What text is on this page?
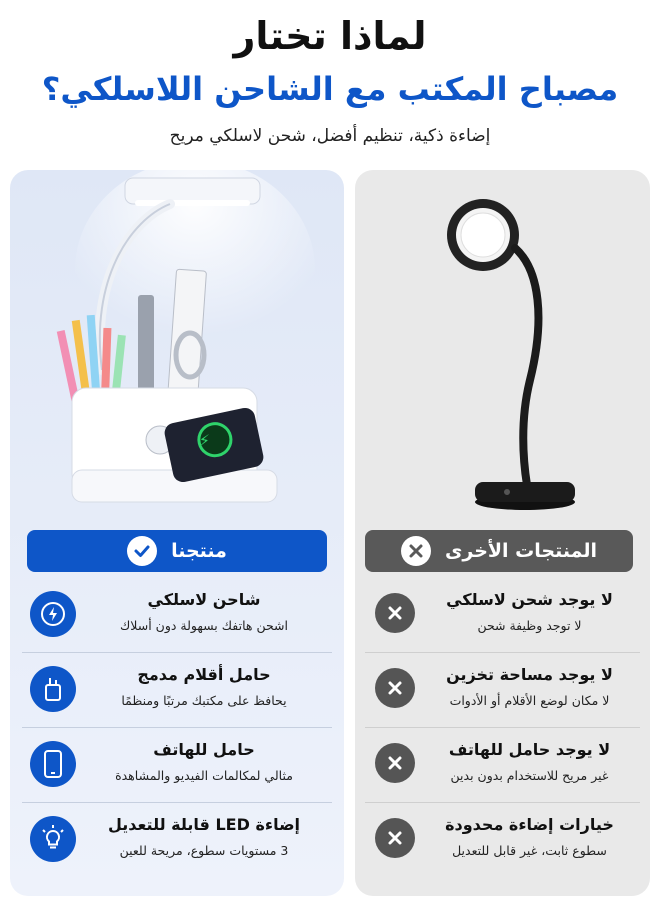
لماذا تختار
مصباح المكتب مع الشاحن اللاسلكي؟
إضاءة ذكية، تنظيم أفضل، شحن لاسلكي مريح
⚡
منتجنا
شاحن لاسلكي
اشحن هاتفك بسهولة دون أسلاك
حامل أقلام مدمج
يحافظ على مكتبك مرتبًا ومنظمًا
حامل للهاتف
مثالي لمكالمات الفيديو والمشاهدة
إضاءة LED قابلة للتعديل
3 مستويات سطوع، مريحة للعين
المنتجات الأخرى
لا يوجد شحن لاسلكي
لا توجد وظيفة شحن
لا يوجد مساحة تخزين
لا مكان لوضع الأقلام أو الأدوات
لا يوجد حامل للهاتف
غير مريح للاستخدام بدون بدين
خيارات إضاءة محدودة
سطوع ثابت، غير قابل للتعديل
